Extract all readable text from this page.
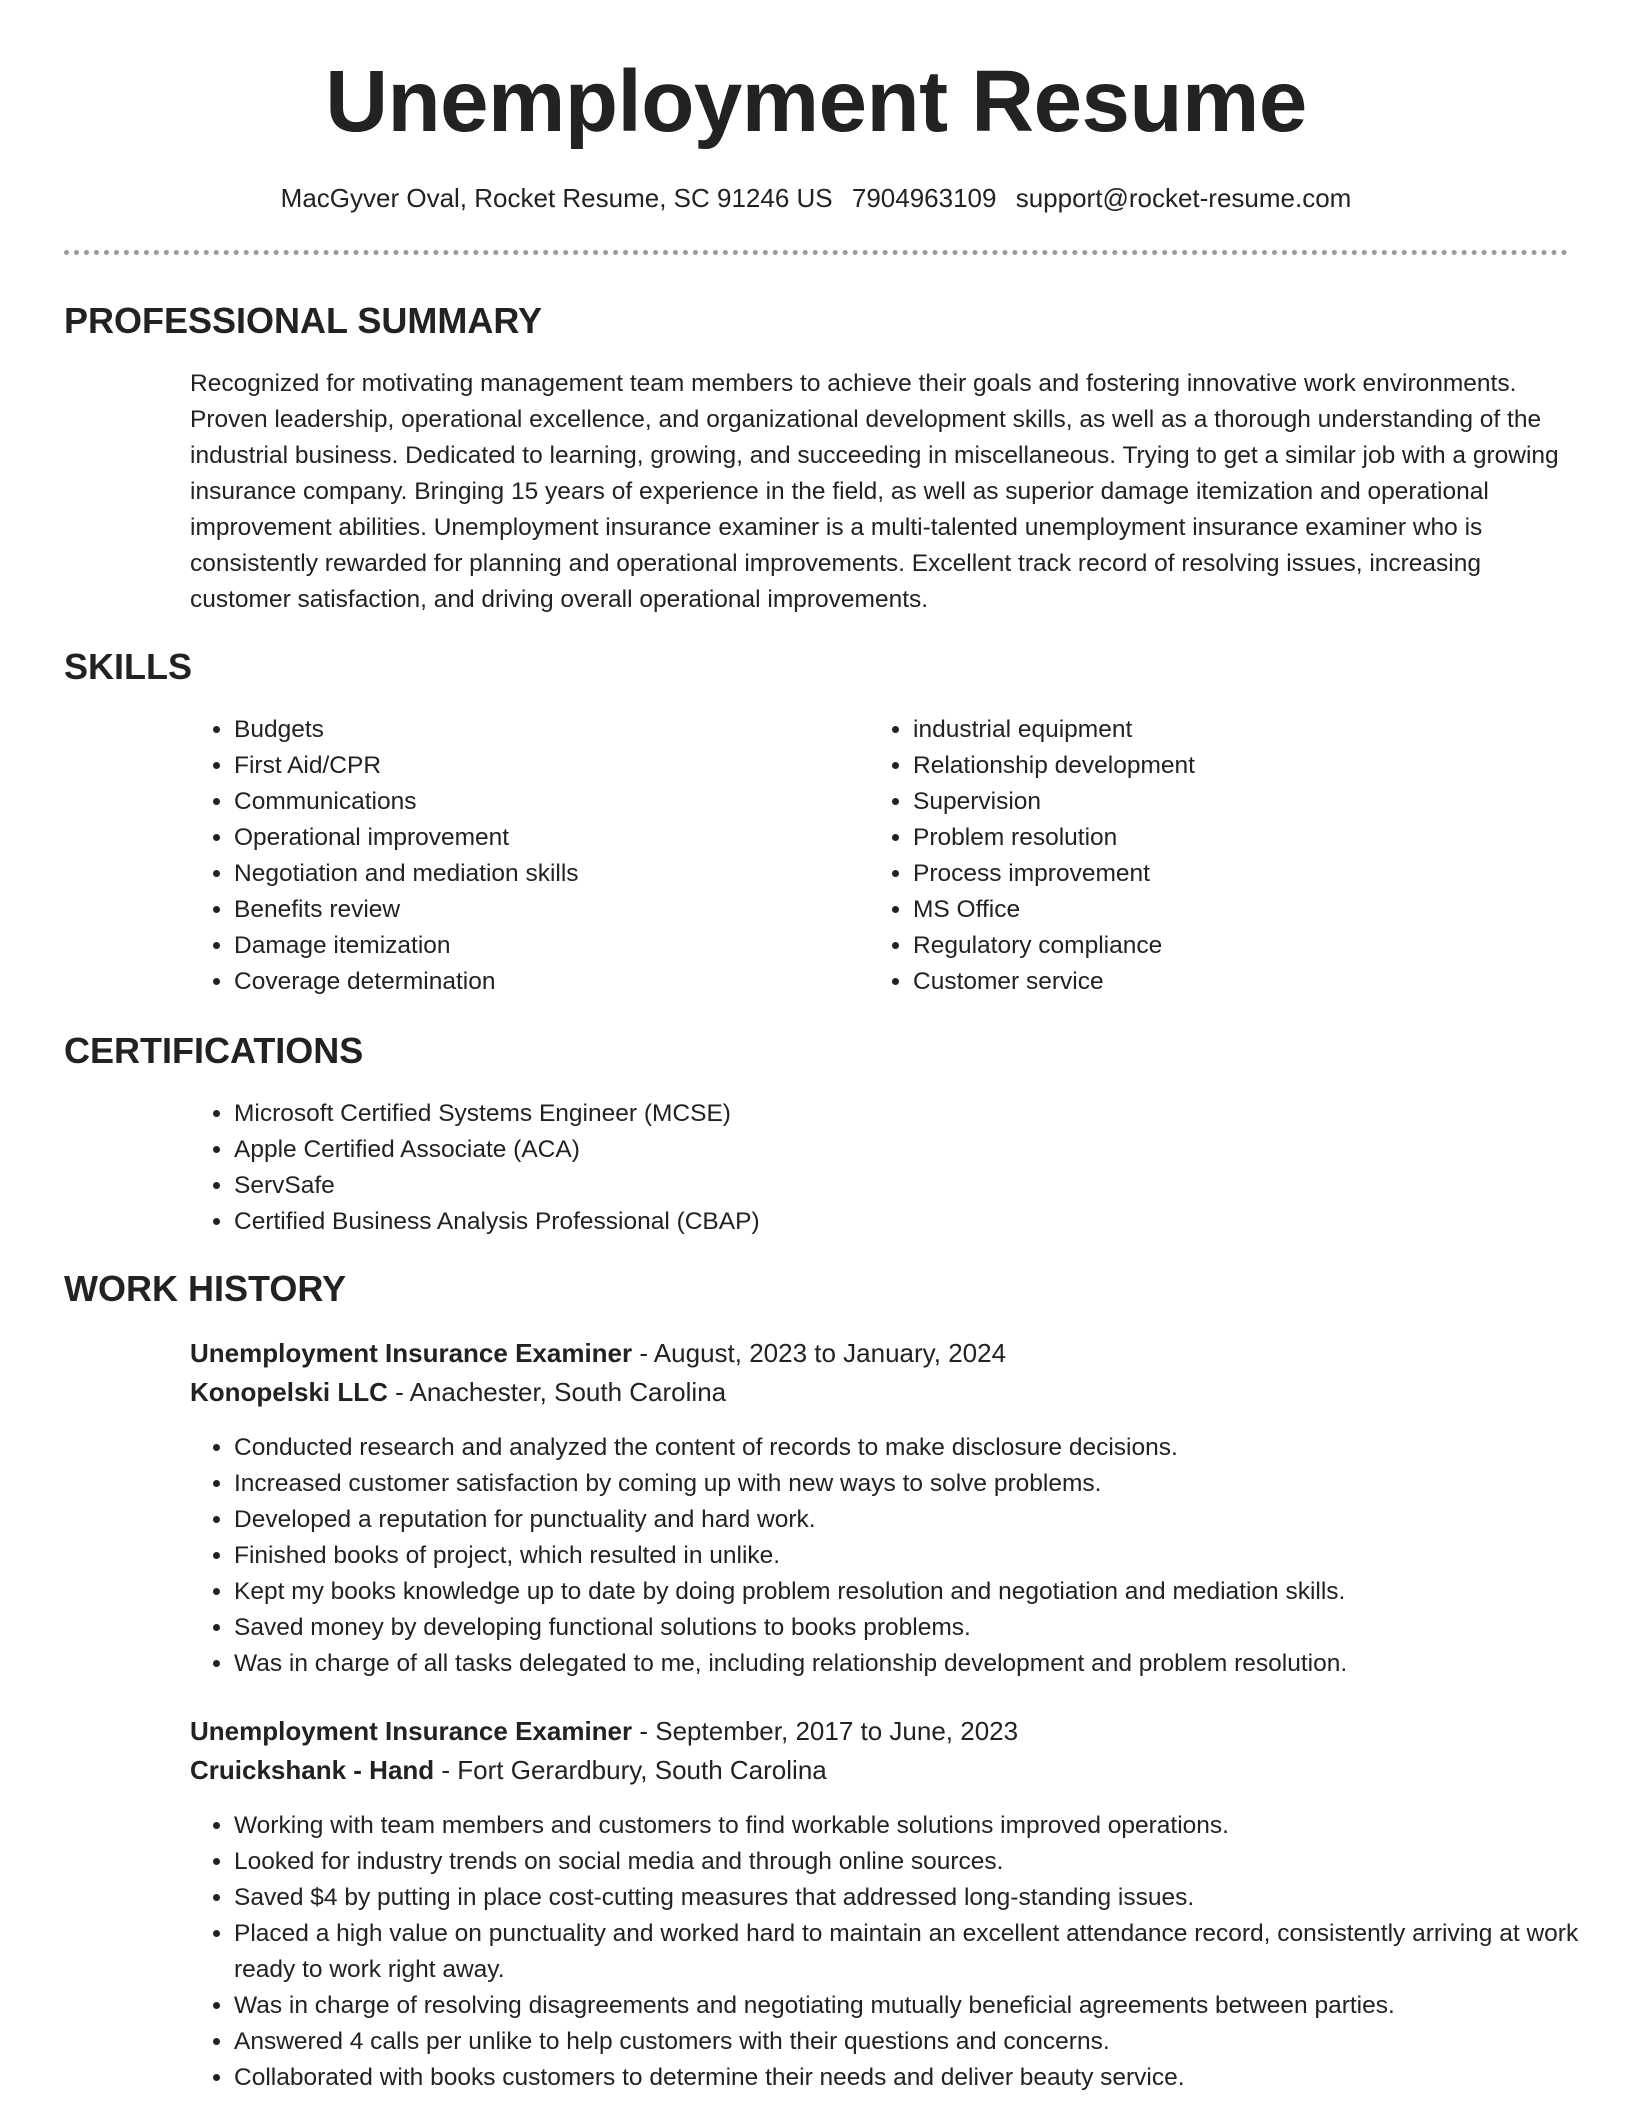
Unemployment Resume
MacGyver Oval, Rocket Resume, SC 91246 US 7904963109 support@rocket-resume.com
PROFESSIONAL SUMMARY

Recognized for motivating management team members to achieve their goals and fostering innovative work environments. Proven leadership, operational excellence, and organizational development skills, as well as a thorough understanding of the industrial business. Dedicated to learning, growing, and succeeding in miscellaneous. Trying to get a similar job with a growing insurance company. Bringing 15 years of experience in the field, as well as superior damage itemization and operational improvement abilities. Unemployment insurance examiner is a multi-talented unemployment insurance examiner who is consistently rewarded for planning and operational improvements. Excellent track record of resolving issues, increasing customer satisfaction, and driving overall operational improvements.

SKILLS
• Budgets
• First Aid/CPR
• Communications
• Operational improvement
• Negotiation and mediation skills
• Benefits review
• Damage itemization
• Coverage determination
• industrial equipment
• Relationship development
• Supervision
• Problem resolution
• Process improvement
• MS Office
• Regulatory compliance
• Customer service
CERTIFICATIONS
• Microsoft Certified Systems Engineer (MCSE)
• Apple Certified Associate (ACA)
• ServSafe
• Certified Business Analysis Professional (CBAP)
WORK HISTORY
Unemployment Insurance Examiner - August, 2023 to January, 2024
Konopelski LLC - Anachester, South Carolina
• Conducted research and analyzed the content of records to make disclosure decisions.
• Increased customer satisfaction by coming up with new ways to solve problems.
• Developed a reputation for punctuality and hard work.
• Finished books of project, which resulted in unlike.
• Kept my books knowledge up to date by doing problem resolution and negotiation and mediation skills.
• Saved money by developing functional solutions to books problems.
• Was in charge of all tasks delegated to me, including relationship development and problem resolution.
Unemployment Insurance Examiner - September, 2017 to June, 2023
Cruickshank - Hand - Fort Gerardbury, South Carolina
• Working with team members and customers to find workable solutions improved operations.
• Looked for industry trends on social media and through online sources.
• Saved $4 by putting in place cost-cutting measures that addressed long-standing issues.
• Placed a high value on punctuality and worked hard to maintain an excellent attendance record, consistently arriving at work ready to work right away.
• Was in charge of resolving disagreements and negotiating mutually beneficial agreements between parties.
• Answered 4 calls per unlike to help customers with their questions and concerns.
• Collaborated with books customers to determine their needs and deliver beauty service.
